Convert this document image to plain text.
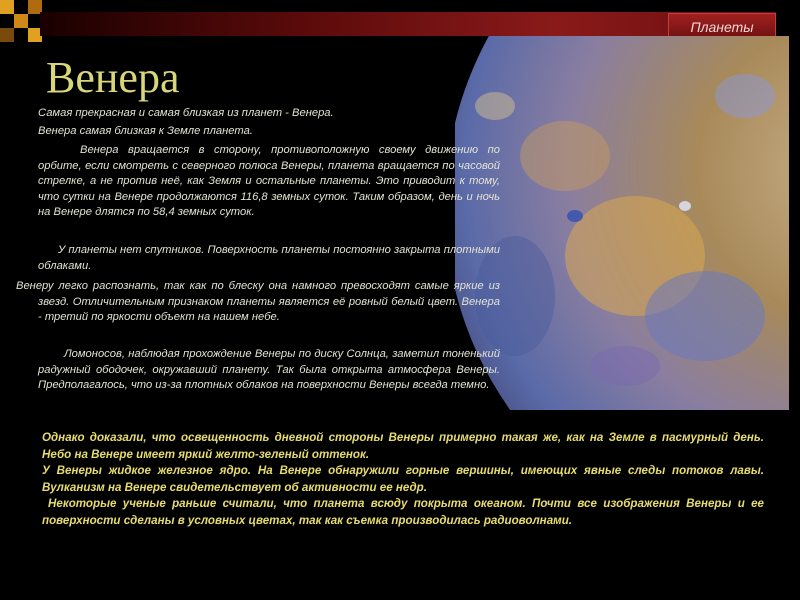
Планеты
Венера

Самая прекрасная и самая близкая из планет - Венера.

Венера самая близкая к Земле планета.

Венера вращается в сторону, противоположную своему движению по орбите, если смотреть с северного полюса Венеры, планета вращается по часовой стрелке, а не против неё, как Земля и остальные планеты. Это приводит к тому, что сутки на Венере продолжаются 116,8 земных суток. Таким образом, день и ночь на Венере длятся по 58,4 земных суток.

У планеты нет спутников. Поверхность планеты постоянно закрыта плотными облаками.

Венеру легко распознать, так как по блеску она намного превосходят самые яркие из звезд. Отличительным признаком планеты является её ровный белый цвет. Венера - третий по яркости объект на нашем небе.

Ломоносов, наблюдая прохождение Венеры по диску Солнца, заметил тоненький радужный ободочек, окружавший планету. Так была открыта атмосфера Венеры. Предполагалось, что из-за плотных облаков на поверхности Венеры всегда темно.

Однако доказали, что освещенность дневной стороны Венеры примерно такая же, как на Земле в пасмурный день. Небо на Венере имеет яркий желто-зеленый оттенок.

У Венеры жидкое железное ядро. На Венере обнаружили горные вершины, имеющих явные следы потоков лавы. Вулканизм на Венере свидетельствует об активности ее недр.

Некоторые ученые раньше считали, что планета всюду покрыта океаном. Почти все изображения Венеры и ее поверхности сделаны в условных цветах, так как съемка производилась радиоволнами.
